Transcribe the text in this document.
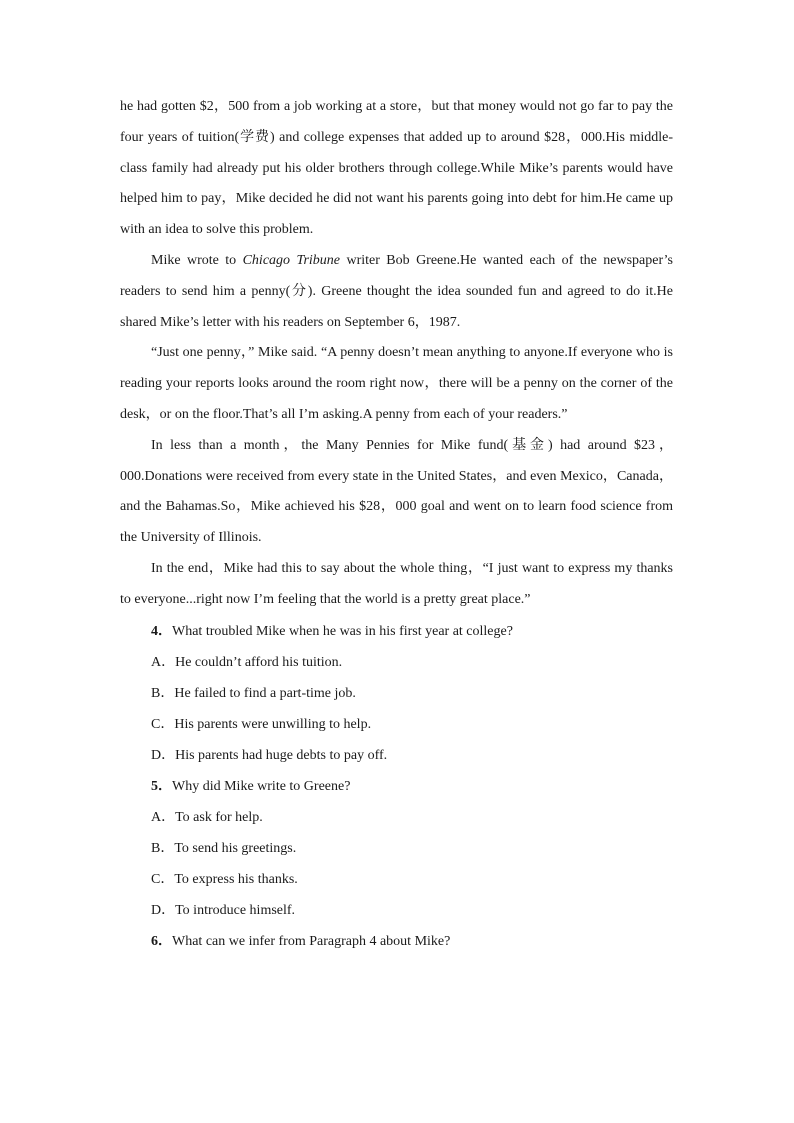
he had gotten $2，500 from a job working at a store，but that money would not go far to pay the four years of tuition(学费) and college expenses that added up to around $28，000.His middle-class family had already put his older brothers through college.While Mike’s parents would have helped him to pay，Mike decided he did not want his parents going into debt for him.He came up with an idea to solve this problem.

Mike wrote to Chicago Tribune writer Bob Greene.He wanted each of the newspaper’s readers to send him a penny(分). Greene thought the idea sounded fun and agreed to do it.He shared Mike’s letter with his readers on September 6，1987.

“Just one penny，” Mike said. “A penny doesn’t mean anything to anyone.If everyone who is reading your reports looks around the room right now，there will be a penny on the corner of the desk，or on the floor.That’s all I’m asking.A penny from each of your readers.”

In less than a month，the Many Pennies for Mike fund(基金) had around $23，000.Donations were received from every state in the United States，and even Mexico，Canada，and the Bahamas.So，Mike achieved his $28，000 goal and went on to learn food science from the University of Illinois.

In the end，Mike had this to say about the whole thing，“I just want to express my thanks to everyone...right now I’m feeling that the world is a pretty great place.”

4．What troubled Mike when he was in his first year at college?

A．He couldn’t afford his tuition.

B．He failed to find a part-time job.

C．His parents were unwilling to help.

D．His parents had huge debts to pay off.

5．Why did Mike write to Greene?

A．To ask for help.

B．To send his greetings.

C．To express his thanks.

D．To introduce himself.

6．What can we infer from Paragraph 4 about Mike?
